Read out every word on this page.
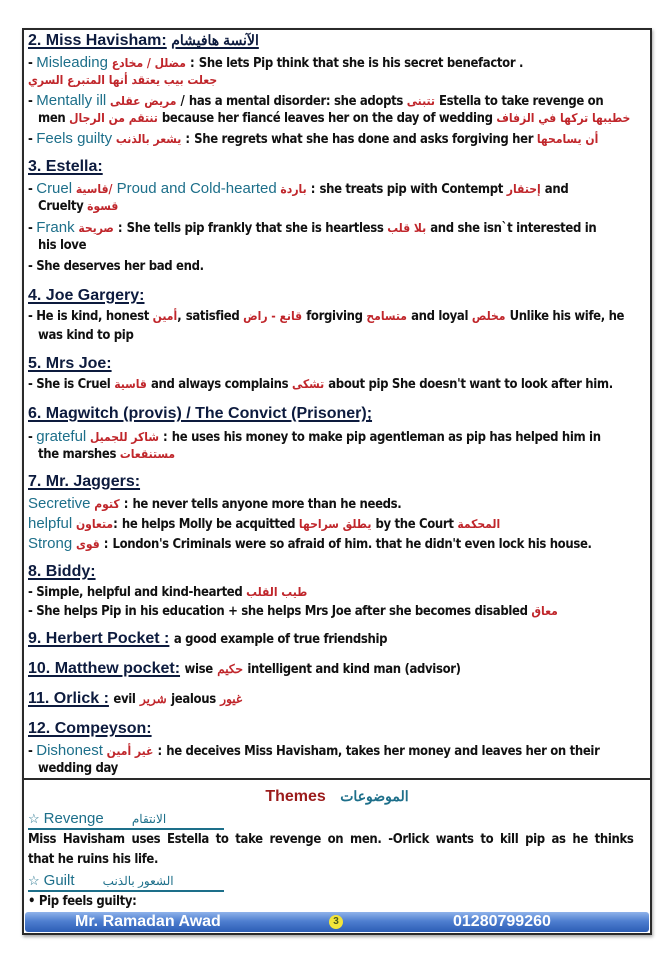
2. Miss Havisham: الآنسة هافيشام
- Misleading مضلل / مخادع : She lets Pip think that she is his secret benefactor .
جعلت بيب يعتقد أنها المتبرع السري
- Mentally ill مريض عقلى / has a mental disorder: she adopts تتبنى Estella to take revenge on
men تنتقم من الرجال because her fiancé leaves her on the day of wedding خطيبها تركها في الزفاف
- Feels guilty يشعر بالذنب : She regrets what she has done and asks forgiving her أن يسامحها
3. Estella:
- Cruel قاسية/ Proud and Cold-hearted باردة : she treats pip with Contempt إحتقار and
Cruelty قسوة
- Frank صريحة : She tells pip frankly that she is heartless بلا قلب and she isn`t interested in
his love
- She deserves her bad end.
4. Joe Gargery:
- He is kind, honest أمين, satisfied قانع - راض forgiving متسامح and loyal مخلص Unlike his wife, he
was kind to pip
5. Mrs Joe:
- She is Cruel قاسية and always complains تشكى about pip She doesn't want to look after him.
6. Magwitch (provis) / The Convict (Prisoner);
- grateful شاكر للجميل : he uses his money to make pip agentleman as pip has helped him in
the marshes مستنقعات
7. Mr. Jaggers:
Secretive كتوم : he never tells anyone more than he needs.
helpful متعاون: he helps Molly be acquitted يطلق سراحها by the Court المحكمة
Strong قوى : London's Criminals were so afraid of him. that he didn't even lock his house.
8. Biddy:
- Simple, helpful and kind-hearted طيب القلب
- She helps Pip in his education + she helps Mrs Joe after she becomes disabled معاق
9. Herbert Pocket : a good example of true friendship
10. Matthew pocket: wise حكيم intelligent and kind man (advisor)
11. Orlick : evil شرير jealous غيور
12. Compeyson:
- Dishonest غير أمين : he deceives Miss Havisham, takes her money and leaves her on their
wedding day
Themes الموضوعات
☆ Revenge الانتقام
Miss Havisham uses Estella to take revenge on men. -Orlick wants to kill pip as he thinks
that he ruins his life.
☆ Guilt الشعور بالذنب
• Pip feels guilty:
Mr. Ramadan Awad	3	01280799260
